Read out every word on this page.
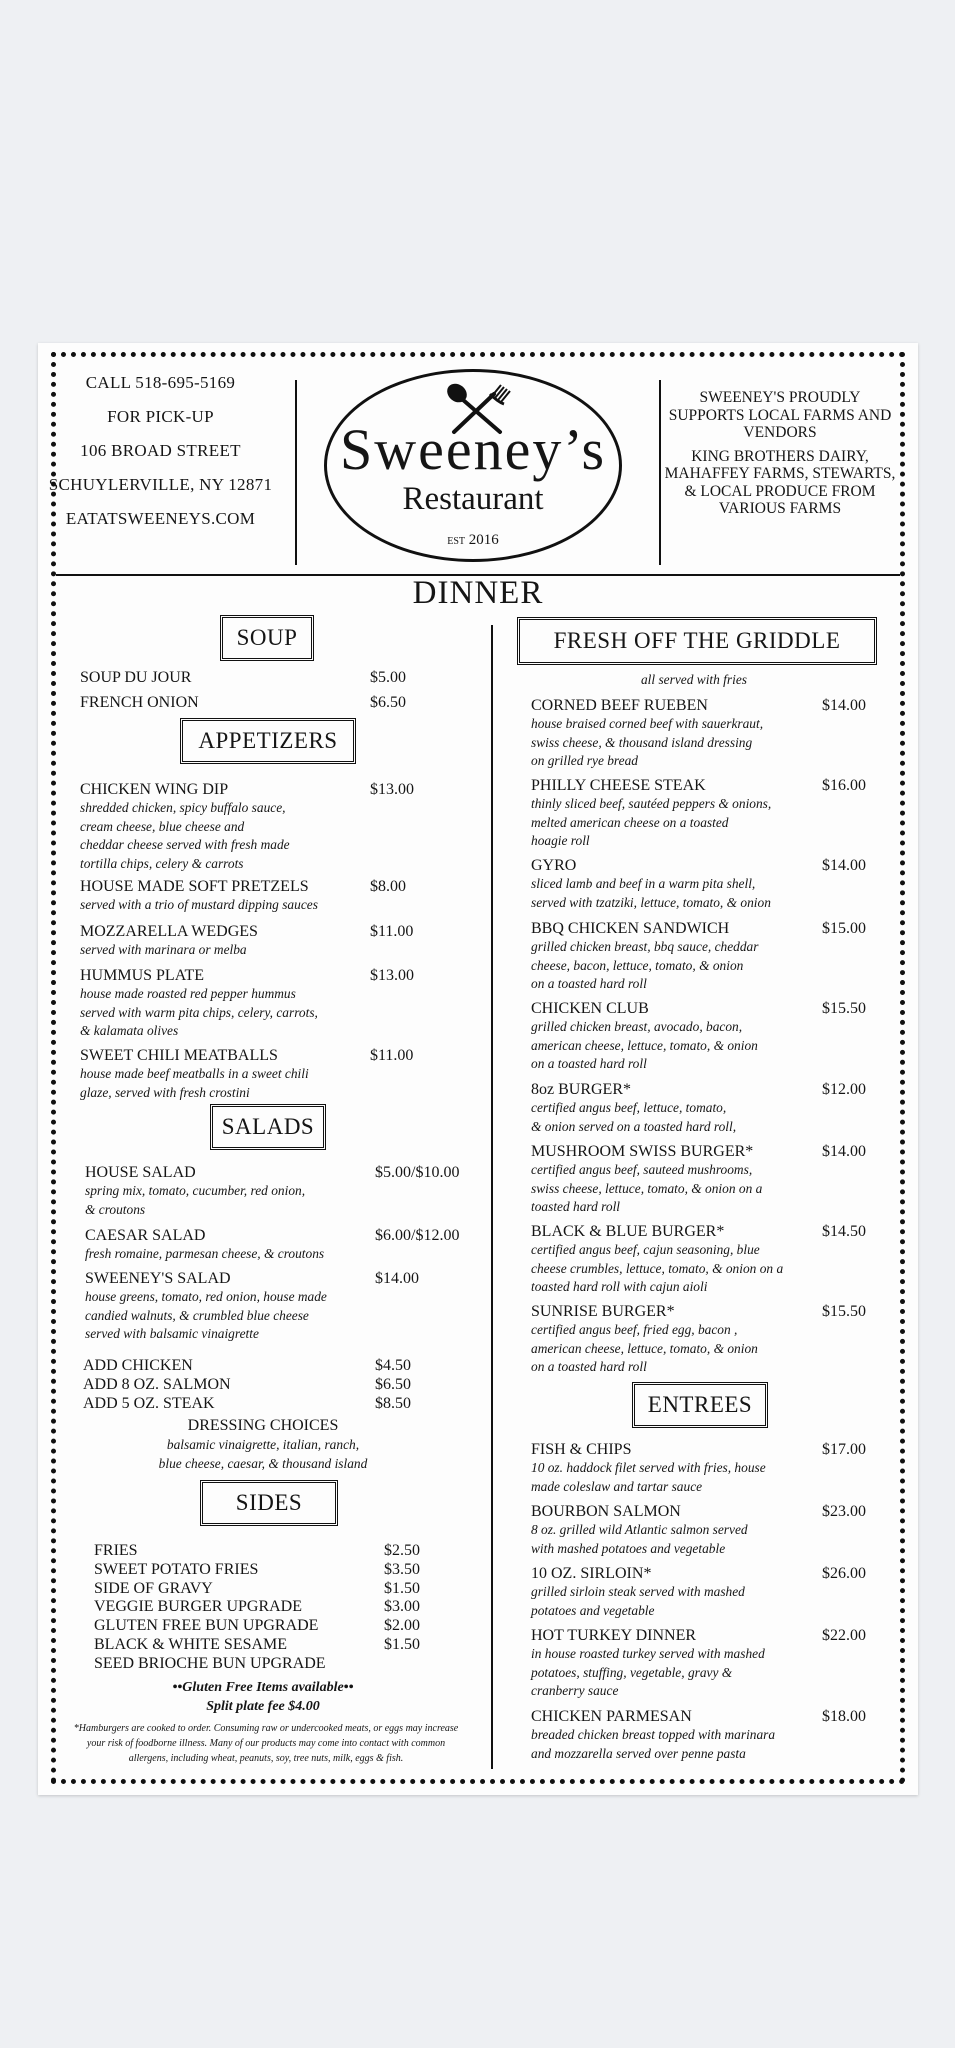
CALL 518-695-5169
FOR PICK-UP
106 BROAD STREET
SCHUYLERVILLE, NY 12871
EATATSWEENEYS.COM
Sweeney’s
Restaurant
EST 2016

SWEENEY'S PROUDLY SUPPORTS LOCAL FARMS AND VENDORS

KING BROTHERS DAIRY, MAHAFFEY FARMS, STEWARTS, & LOCAL PRODUCE FROM VARIOUS FARMS

DINNER
SOUP
SOUP DU JOUR	$5.00
FRENCH ONION	$6.50
APPETIZERS
CHICKEN WING DIP	$13.00
shredded chicken, spicy buffalo sauce,
cream cheese, blue cheese and
cheddar cheese served with fresh made
tortilla chips, celery & carrots
HOUSE MADE SOFT PRETZELS	$8.00
served with a trio of mustard dipping sauces
MOZZARELLA WEDGES	$11.00
served with marinara or melba
HUMMUS PLATE	$13.00
house made roasted red pepper hummus
served with warm pita chips, celery, carrots,
& kalamata olives
SWEET CHILI MEATBALLS	$11.00
house made beef meatballs in a sweet chili
glaze, served with fresh crostini
SALADS
HOUSE SALAD	$5.00/$10.00
spring mix, tomato, cucumber, red onion,
& croutons
CAESAR SALAD	$6.00/$12.00
fresh romaine, parmesan cheese, & croutons
SWEENEY'S SALAD	$14.00
house greens, tomato, red onion, house made
candied walnuts, & crumbled blue cheese
served with balsamic vinaigrette
ADD CHICKEN	$4.50
ADD 8 OZ. SALMON	$6.50
ADD 5 OZ. STEAK	$8.50
DRESSING CHOICES
balsamic vinaigrette, italian, ranch,
blue cheese, caesar, & thousand island
SIDES
FRIES	$2.50
SWEET POTATO FRIES	$3.50
SIDE OF GRAVY	$1.50
VEGGIE BURGER UPGRADE	$3.00
GLUTEN FREE BUN UPGRADE	$2.00
BLACK & WHITE SESAME	$1.50
SEED BRIOCHE BUN UPGRADE
••Gluten Free Items available••
Split plate fee $4.00
*Hamburgers are cooked to order. Consuming raw or undercooked meats, or eggs may increase your risk of foodborne illness. Many of our products may come into contact with common allergens, including wheat, peanuts, soy, tree nuts, milk, eggs & fish.
FRESH OFF THE GRIDDLE
all served with fries
CORNED BEEF RUEBEN	$14.00
house braised corned beef with sauerkraut,
swiss cheese, & thousand island dressing
on grilled rye bread
PHILLY CHEESE STEAK	$16.00
thinly sliced beef, sautéed peppers & onions,
melted american cheese on a toasted
hoagie roll
GYRO	$14.00
sliced lamb and beef in a warm pita shell,
served with tzatziki, lettuce, tomato, & onion
BBQ CHICKEN SANDWICH	$15.00
grilled chicken breast, bbq sauce, cheddar
cheese, bacon, lettuce, tomato, & onion
on a toasted hard roll
CHICKEN CLUB	$15.50
grilled chicken breast, avocado, bacon,
american cheese, lettuce, tomato, & onion
on a toasted hard roll
8oz BURGER*	$12.00
certified angus beef, lettuce, tomato,
& onion served on a toasted hard roll,
MUSHROOM SWISS BURGER*	$14.00
certified angus beef, sauteed mushrooms,
swiss cheese, lettuce, tomato, & onion on a
toasted hard roll
BLACK & BLUE BURGER*	$14.50
certified angus beef, cajun seasoning, blue
cheese crumbles, lettuce, tomato, & onion on a
toasted hard roll with cajun aioli
SUNRISE BURGER*	$15.50
certified angus beef, fried egg, bacon ,
american cheese, lettuce, tomato, & onion
on a toasted hard roll
ENTREES
FISH & CHIPS	$17.00
10 oz. haddock filet served with fries, house
made coleslaw and tartar sauce
BOURBON SALMON	$23.00
8 oz. grilled wild Atlantic salmon served
with mashed potatoes and vegetable
10 OZ. SIRLOIN*	$26.00
grilled sirloin steak served with mashed
potatoes and vegetable
HOT TURKEY DINNER	$22.00
in house roasted turkey served with mashed
potatoes, stuffing, vegetable, gravy &
cranberry sauce
CHICKEN PARMESAN	$18.00
breaded chicken breast topped with marinara
and mozzarella served over penne pasta
